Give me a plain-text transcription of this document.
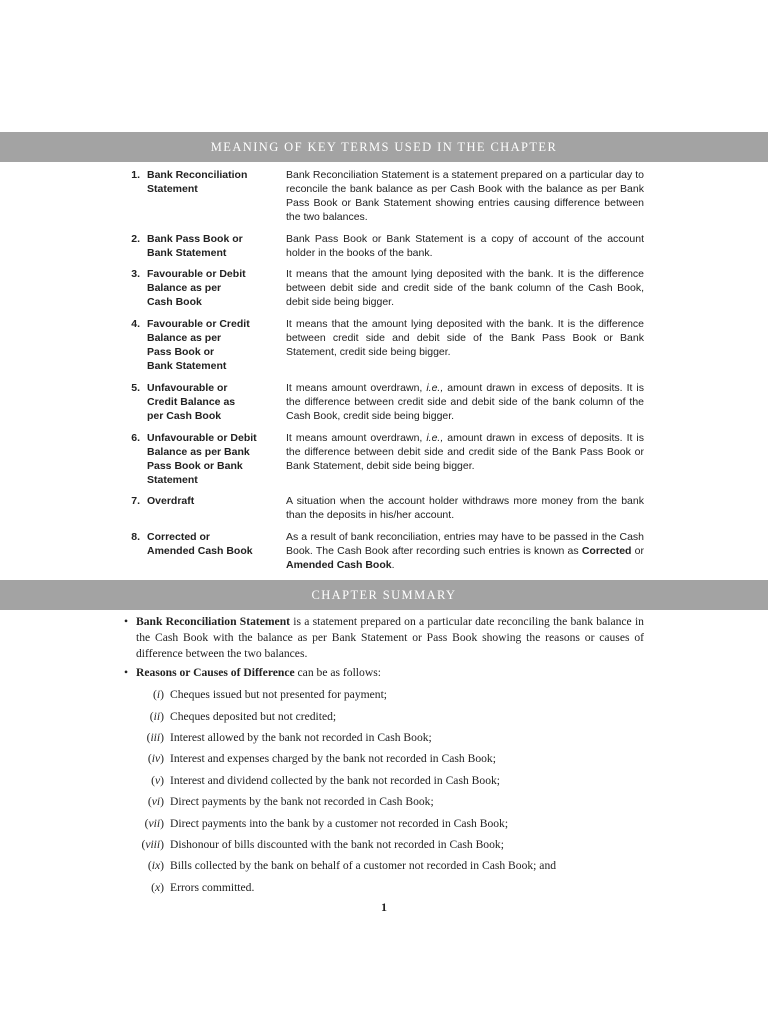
MEANING OF KEY TERMS USED IN THE CHAPTER
1. Bank Reconciliation
Statement
Bank Reconciliation Statement is a statement prepared on a particular day to reconcile the bank balance as per Cash Book with the balance as per Bank Pass Book or Bank Statement showing entries causing difference between the two balances.
2. Bank Pass Book or
Bank Statement
Bank Pass Book or Bank Statement is a copy of account of the account holder in the books of the bank.
3. Favourable or Debit
Balance as per
Cash Book
It means that the amount lying deposited with the bank. It is the difference between debit side and credit side of the bank column of the Cash Book, debit side being bigger.
4. Favourable or Credit
Balance as per
Pass Book or
Bank Statement
It means that the amount lying deposited with the bank. It is the difference between credit side and debit side of the Bank Pass Book or Bank Statement, credit side being bigger.
5. Unfavourable or
Credit Balance as
per Cash Book
It means amount overdrawn, i.e., amount drawn in excess of deposits. It is the difference between credit side and debit side of the bank column of the Cash Book, credit side being bigger.
6. Unfavourable or Debit
Balance as per Bank
Pass Book or Bank
Statement
It means amount overdrawn, i.e., amount drawn in excess of deposits. It is the difference between debit side and credit side of the Bank Pass Book or Bank Statement, debit side being bigger.
7. Overdraft	A situation when the account holder withdraws more money from the bank than the deposits in his/her account.
8. Corrected or
Amended Cash Book
As a result of bank reconciliation, entries may have to be passed in the Cash Book. The Cash Book after recording such entries is known as Corrected or Amended Cash Book.
CHAPTER SUMMARY
• Bank Reconciliation Statement is a statement prepared on a particular date reconciling the bank balance in the Cash Book with the balance as per Bank Statement or Pass Book showing the reasons or causes of difference between the two balances.
• Reasons or Causes of Difference can be as follows:
(i) Cheques issued but not presented for payment;
(ii) Cheques deposited but not credited;
(iii) Interest allowed by the bank not recorded in Cash Book;
(iv) Interest and expenses charged by the bank not recorded in Cash Book;
(v) Interest and dividend collected by the bank not recorded in Cash Book;
(vi) Direct payments by the bank not recorded in Cash Book;
(vii) Direct payments into the bank by a customer not recorded in Cash Book;
(viii) Dishonour of bills discounted with the bank not recorded in Cash Book;
(ix) Bills collected by the bank on behalf of a customer not recorded in Cash Book; and
(x) Errors committed.
1
